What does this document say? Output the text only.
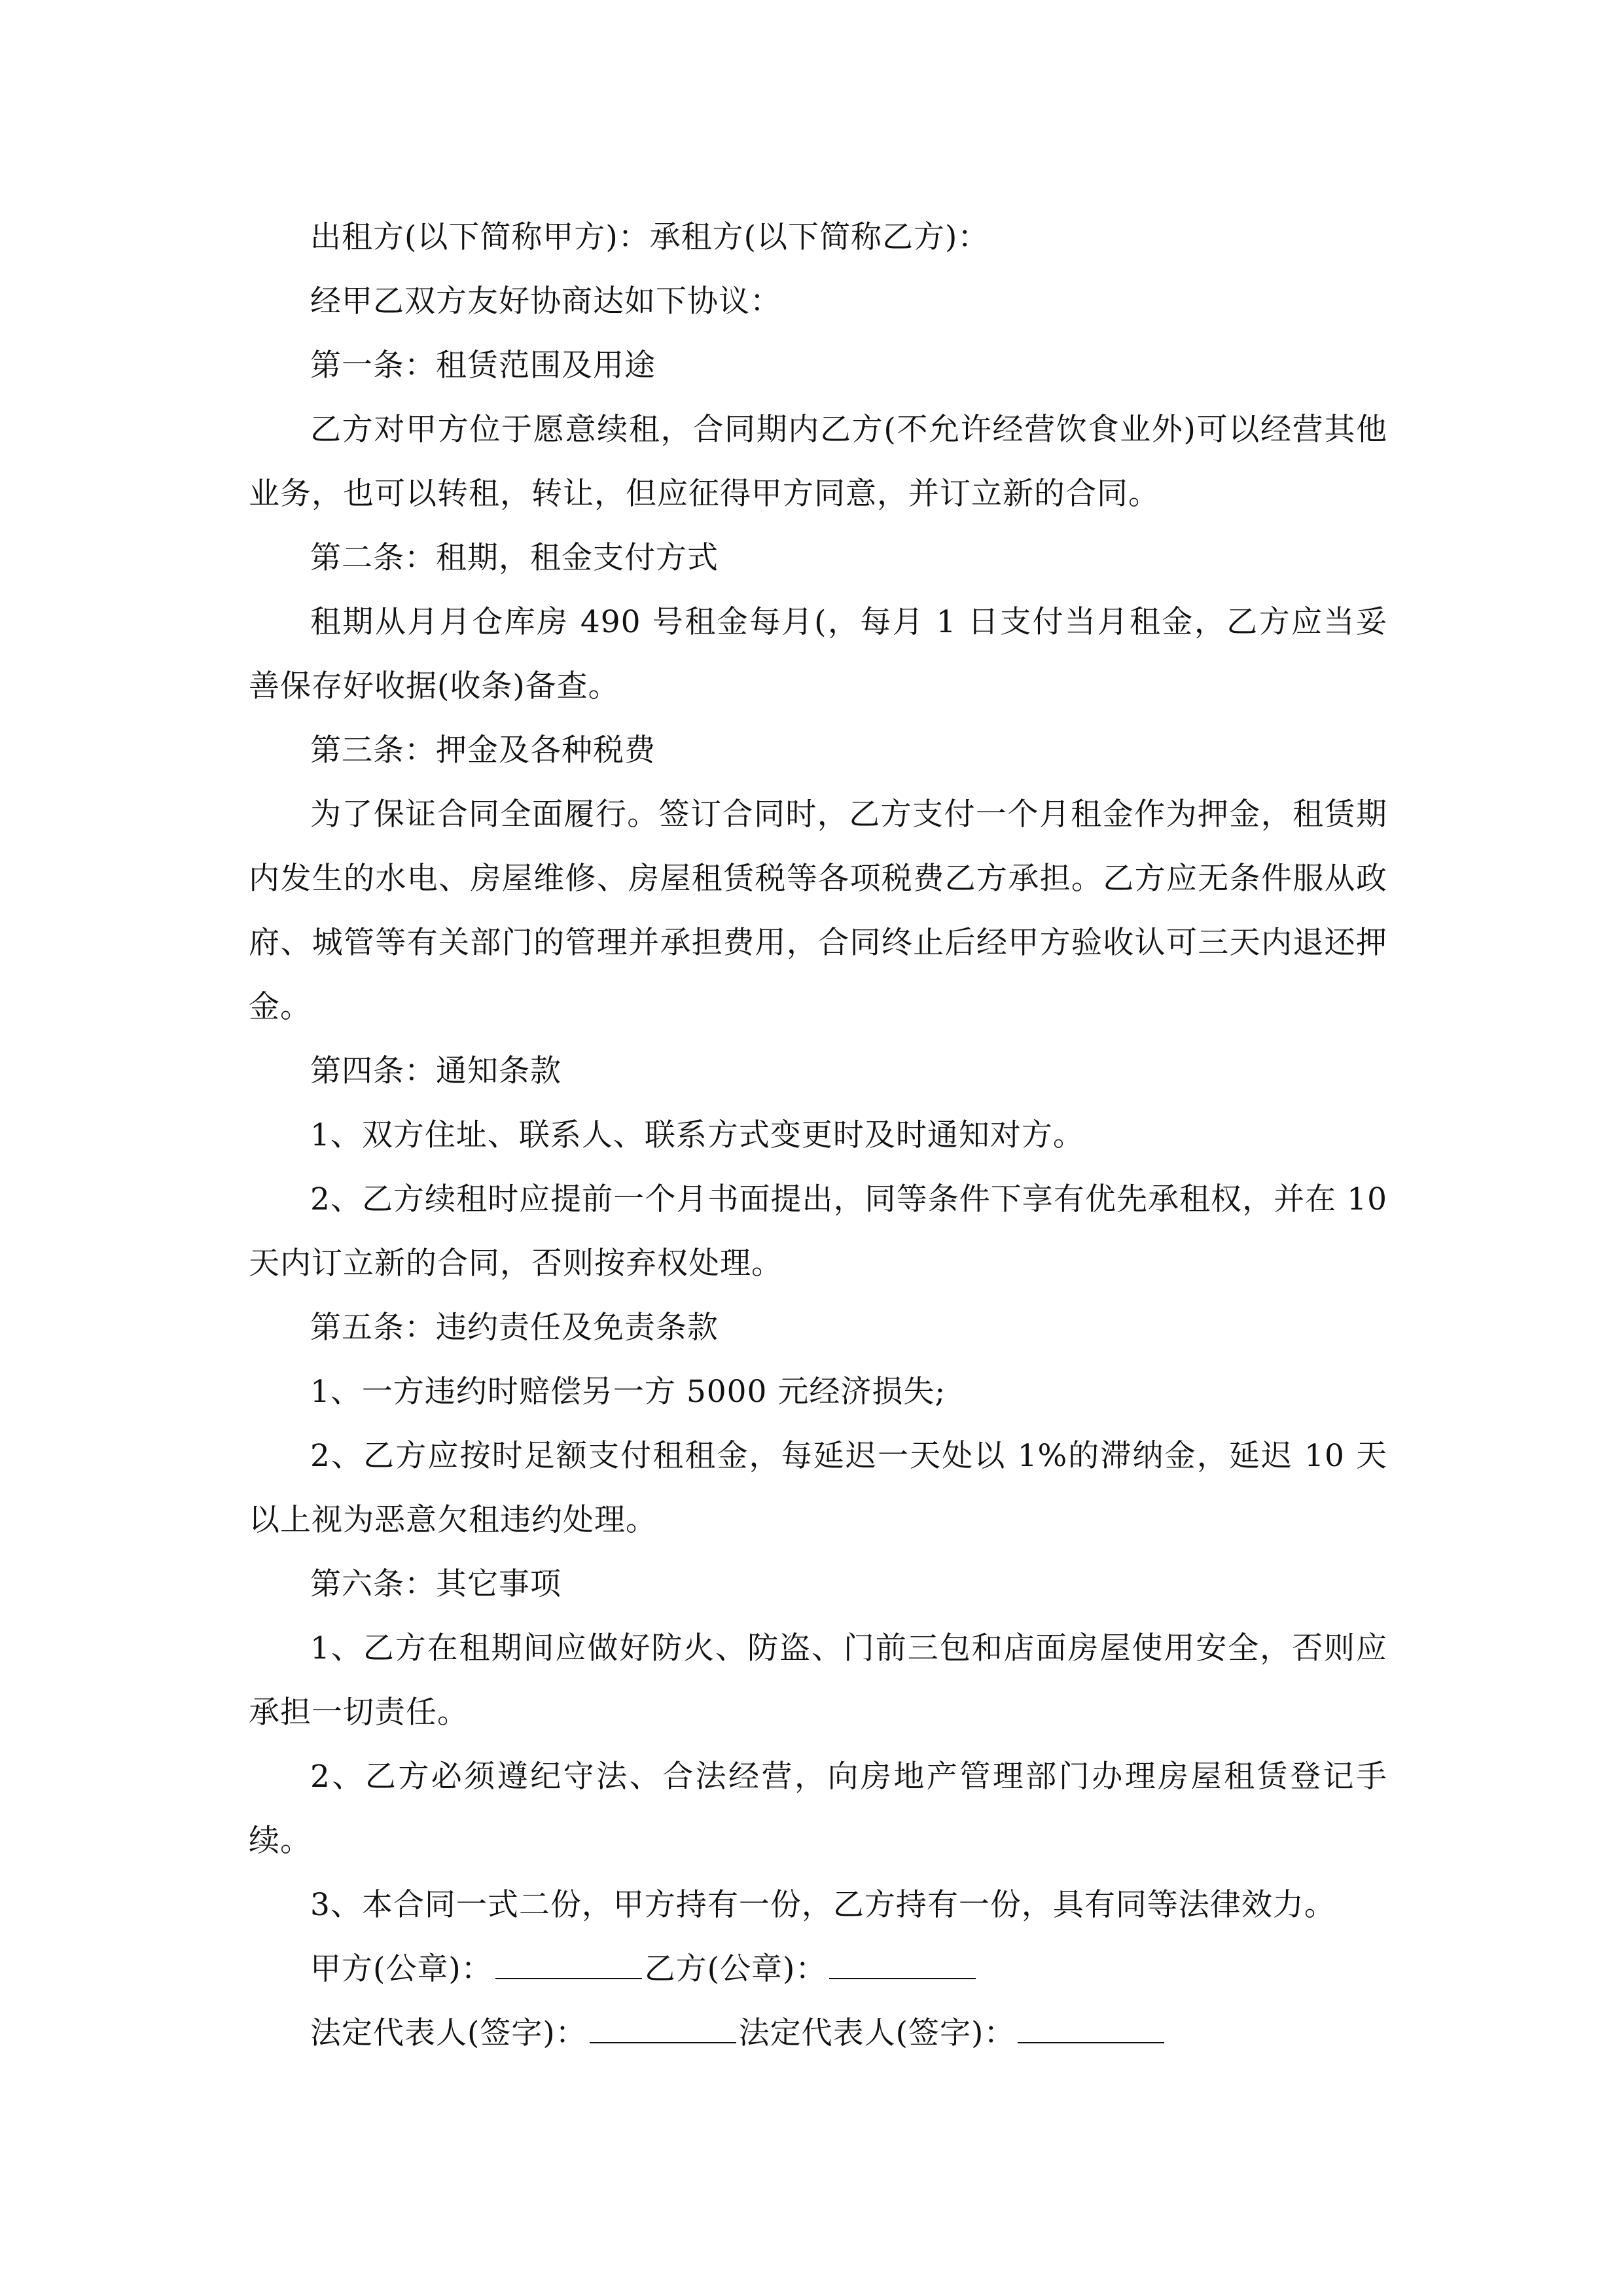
出租方(以下简称甲方)：承租方(以下简称乙方)：

经甲乙双方友好协商达如下协议：

第一条：租赁范围及用途

乙方对甲方位于愿意续租，合同期内乙方(不允许经营饮食业外)可以经营其他业务，也可以转租，转让，但应征得甲方同意，并订立新的合同。

第二条：租期，租金支付方式

租期从月月仓库房 490 号租金每月(，每月 1 日支付当月租金，乙方应当妥善保存好收据(收条)备查。

第三条：押金及各种税费

为了保证合同全面履行。签订合同时，乙方支付一个月租金作为押金，租赁期内发生的水电、房屋维修、房屋租赁税等各项税费乙方承担。乙方应无条件服从政府、城管等有关部门的管理并承担费用，合同终止后经甲方验收认可三天内退还押金。

第四条：通知条款

1、双方住址、联系人、联系方式变更时及时通知对方。

2、乙方续租时应提前一个月书面提出，同等条件下享有优先承租权，并在 10 天内订立新的合同，否则按弃权处理。

第五条：违约责任及免责条款

1、一方违约时赔偿另一方 5000 元经济损失;

2、乙方应按时足额支付租租金，每延迟一天处以 1%的滞纳金，延迟 10 天以上视为恶意欠租违约处理。

第六条：其它事项

1、乙方在租期间应做好防火、防盗、门前三包和店面房屋使用安全，否则应承担一切责任。

2、乙方必须遵纪守法、合法经营，向房地产管理部门办理房屋租赁登记手续。

3、本合同一式二份，甲方持有一份，乙方持有一份，具有同等法律效力。

甲方(公章)：	乙方(公章)：

法定代表人(签字)：	法定代表人(签字)：
